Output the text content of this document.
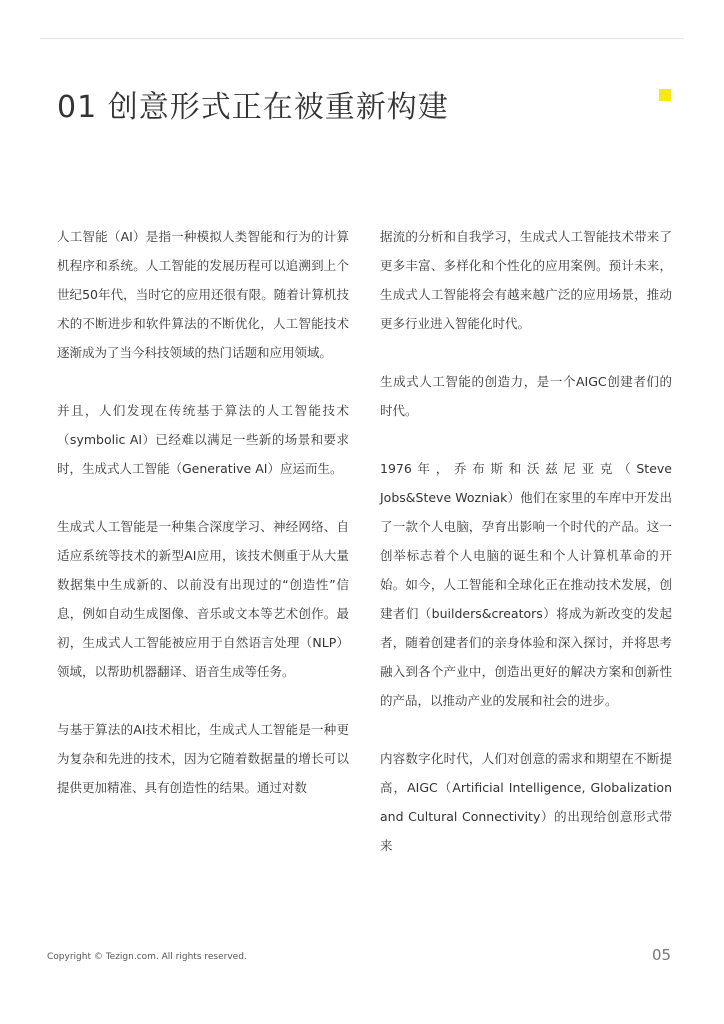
01 创意形式正在被重新构建

人工智能（AI）是指一种模拟人类智能和行为的计算机程序和系统。人工智能的发展历程可以追溯到上个世纪50年代，当时它的应用还很有限。随着计算机技术的不断进步和软件算法的不断优化，人工智能技术逐渐成为了当今科技领域的热门话题和应用领域。

并且，人们发现在传统基于算法的人工智能技术（symbolic AI）已经难以满足一些新的场景和要求时，生成式人工智能（Generative AI）应运而生。

生成式人工智能是一种集合深度学习、神经网络、自适应系统等技术的新型AI应用，该技术侧重于从大量数据集中生成新的、以前没有出现过的“创造性”信息，例如自动生成图像、音乐或文本等艺术创作。最初，生成式人工智能被应用于自然语言处理（NLP）领域，以帮助机器翻译、语音生成等任务。

与基于算法的AI技术相比，生成式人工智能是一种更为复杂和先进的技术，因为它随着数据量的增长可以提供更加精准、具有创造性的结果。通过对数

据流的分析和自我学习，生成式人工智能技术带来了更多丰富、多样化和个性化的应用案例。预计未来，生成式人工智能将会有越来越广泛的应用场景，推动更多行业进入智能化时代。

生成式人工智能的创造力，是一个AIGC创建者们的时代。

1976年，乔布斯和沃兹尼亚克（Steve Jobs&Steve Wozniak）他们在家里的车库中开发出了一款个人电脑，孕育出影响一个时代的产品。这一创举标志着个人电脑的诞生和个人计算机革命的开始。如今，人工智能和全球化正在推动技术发展，创建者们（builders&creators）将成为新改变的发起者，随着创建者们的亲身体验和深入探讨，并将思考融入到各个产业中，创造出更好的解决方案和创新性的产品，以推动产业的发展和社会的进步。

内容数字化时代，人们对创意的需求和期望在不断提高，AIGC（Artificial Intelligence, Globalization and Cultural Connectivity）的出现给创意形式带来

Copyright © Tezign.com. All rights reserved.	05
